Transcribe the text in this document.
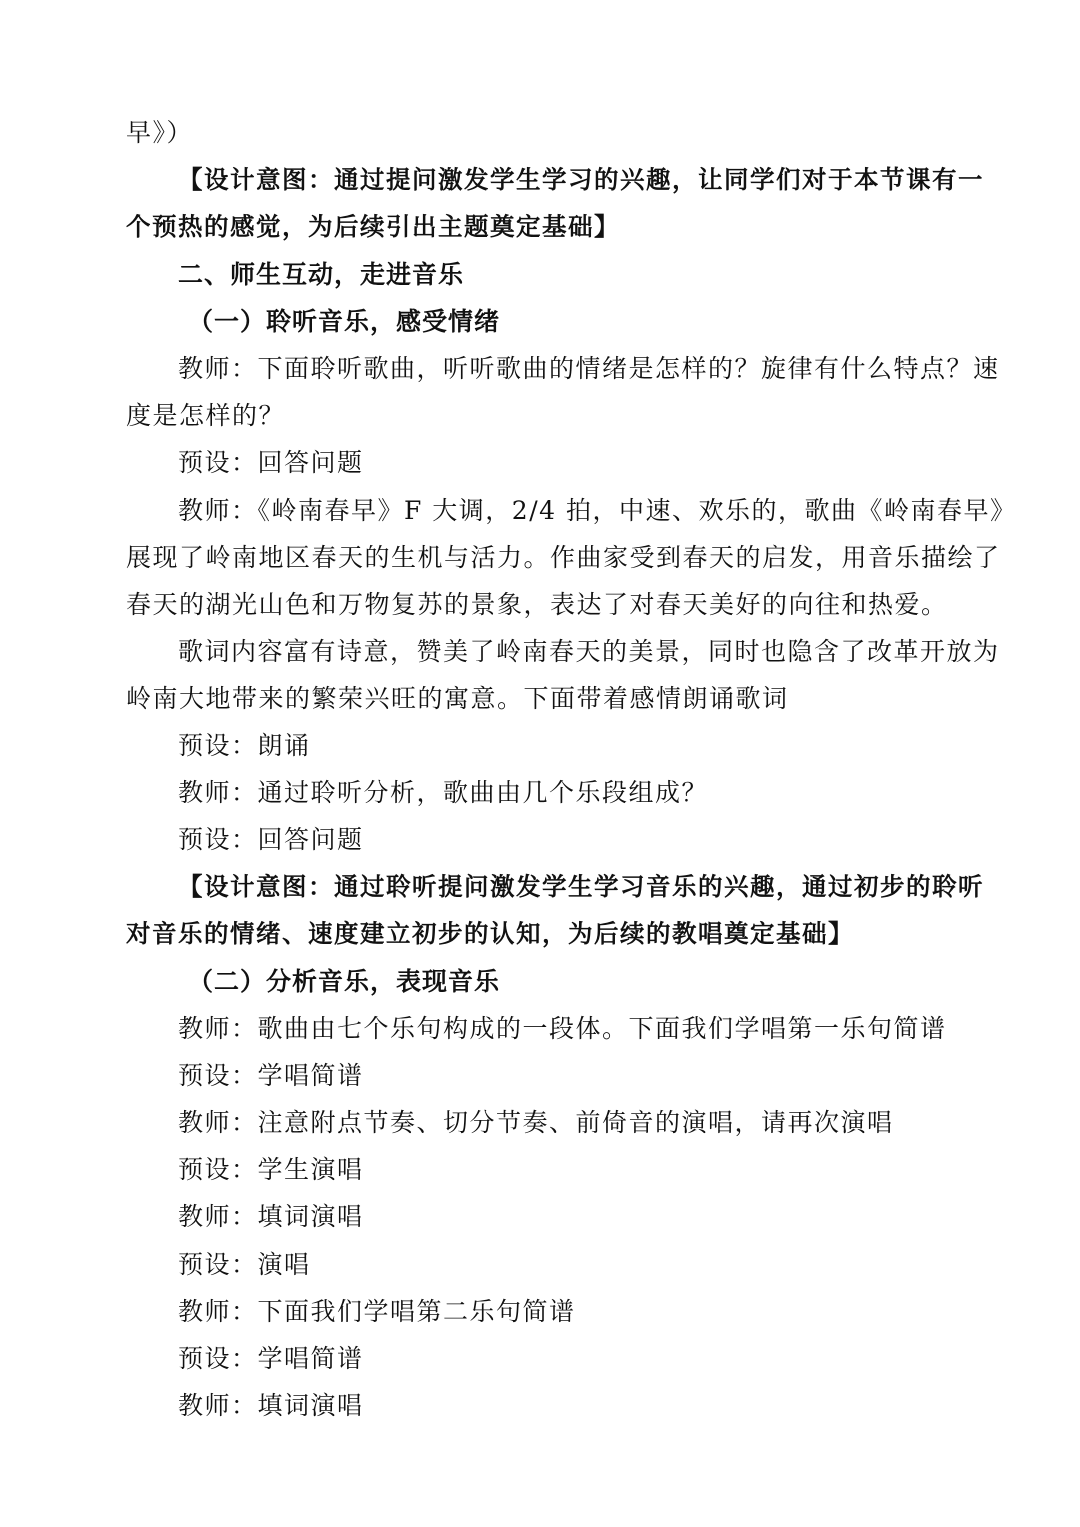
早》）
【设计意图：通过提问激发学生学习的兴趣，让同学们对于本节课有一
个预热的感觉，为后续引出主题奠定基础】
二、师生互动，走进音乐
（一）聆听音乐，感受情绪
教师：下面聆听歌曲，听听歌曲的情绪是怎样的？旋律有什么特点？速
度是怎样的？
预设：回答问题
教师：《岭南春早》F 大调，2/4 拍，中速、欢乐的，歌曲《岭南春早》
展现了岭南地区春天的生机与活力。作曲家受到春天的启发，用音乐描绘了
春天的湖光山色和万物复苏的景象，表达了对春天美好的向往和热爱。
歌词内容富有诗意，赞美了岭南春天的美景，同时也隐含了改革开放为
岭南大地带来的繁荣兴旺的寓意。下面带着感情朗诵歌词
预设：朗诵
教师：通过聆听分析，歌曲由几个乐段组成？
预设：回答问题
【设计意图：通过聆听提问激发学生学习音乐的兴趣，通过初步的聆听
对音乐的情绪、速度建立初步的认知，为后续的教唱奠定基础】
（二）分析音乐，表现音乐
教师：歌曲由七个乐句构成的一段体。下面我们学唱第一乐句简谱
预设：学唱简谱
教师：注意附点节奏、切分节奏、前倚音的演唱，请再次演唱
预设：学生演唱
教师：填词演唱
预设：演唱
教师：下面我们学唱第二乐句简谱
预设：学唱简谱
教师：填词演唱
